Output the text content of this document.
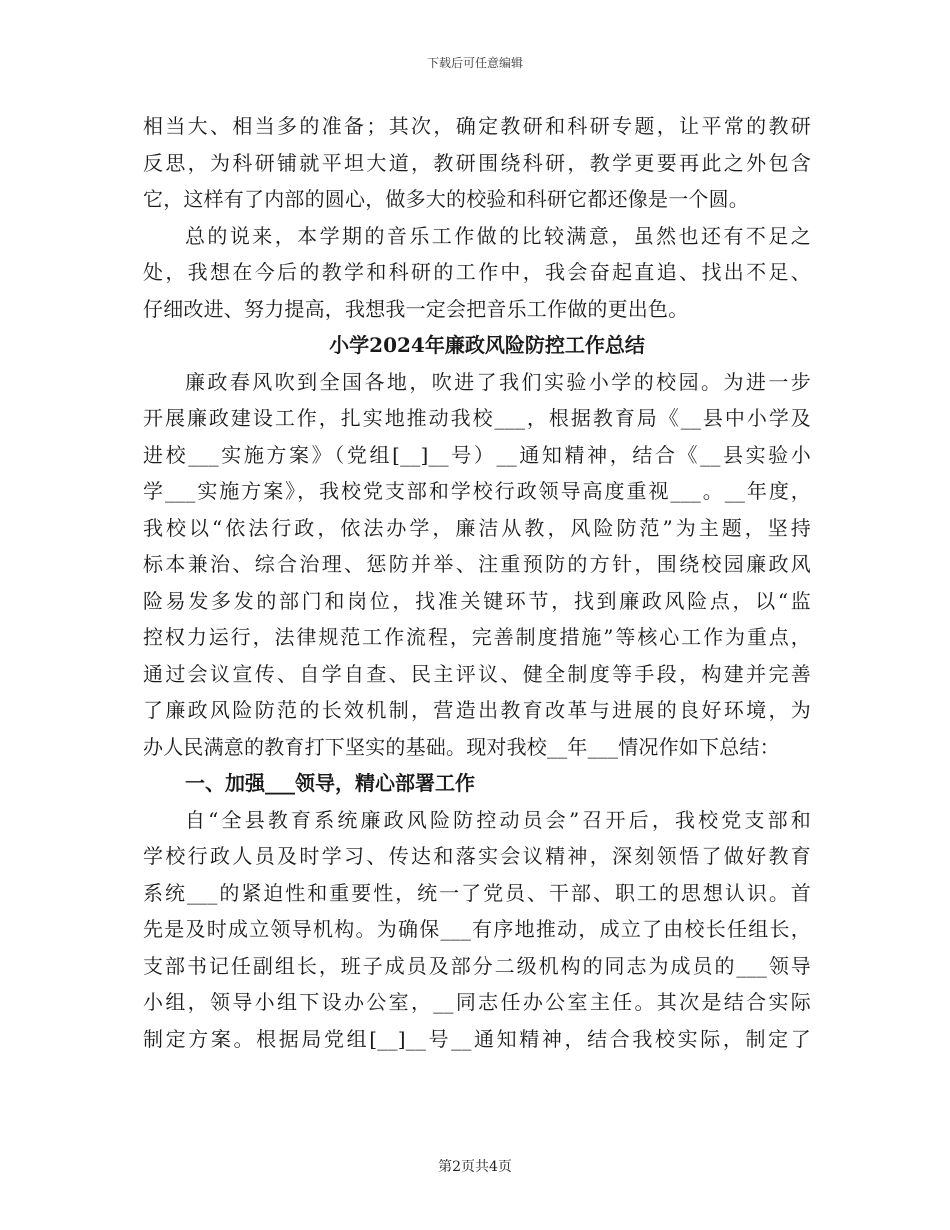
下载后可任意编辑
相当大、相当多的准备；其次，确定教研和科研专题，让平常的教研
反思，为科研铺就平坦大道，教研围绕科研，教学更要再此之外包含
它，这样有了内部的圆心，做多大的校验和科研它都还像是一个圆。
总的说来，本学期的音乐工作做的比较满意，虽然也还有不足之
处，我想在今后的教学和科研的工作中，我会奋起直追、找出不足、
仔细改进、努力提高，我想我一定会把音乐工作做的更出色。
小学2024年廉政风险防控工作总结
廉政春风吹到全国各地，吹进了我们实验小学的校园。为进一步
开展廉政建设工作，扎实地推动我校___，根据教育局《__县中小学及
进校___实施方案》（党组[__]__号）__通知精神，结合《__县实验小
学___实施方案》，我校党支部和学校行政领导高度重视___。__年度，
我校以“依法行政，依法办学，廉洁从教，风险防范”为主题，坚持
标本兼治、综合治理、惩防并举、注重预防的方针，围绕校园廉政风
险易发多发的部门和岗位，找准关键环节，找到廉政风险点，以“监
控权力运行，法律规范工作流程，完善制度措施”等核心工作为重点，
通过会议宣传、自学自查、民主评议、健全制度等手段，构建并完善
了廉政风险防范的长效机制，营造出教育改革与进展的良好环境，为
办人民满意的教育打下坚实的基础。现对我校__年___情况作如下总结：
一、加强___领导，精心部署工作
自“全县教育系统廉政风险防控动员会”召开后，我校党支部和
学校行政人员及时学习、传达和落实会议精神，深刻领悟了做好教育
系统___的紧迫性和重要性，统一了党员、干部、职工的思想认识。首
先是及时成立领导机构。为确保___有序地推动，成立了由校长任组长，
支部书记任副组长，班子成员及部分二级机构的同志为成员的___领导
小组，领导小组下设办公室，__同志任办公室主任。其次是结合实际
制定方案。根据局党组[__]__号__通知精神，结合我校实际，制定了
第2页共4页
